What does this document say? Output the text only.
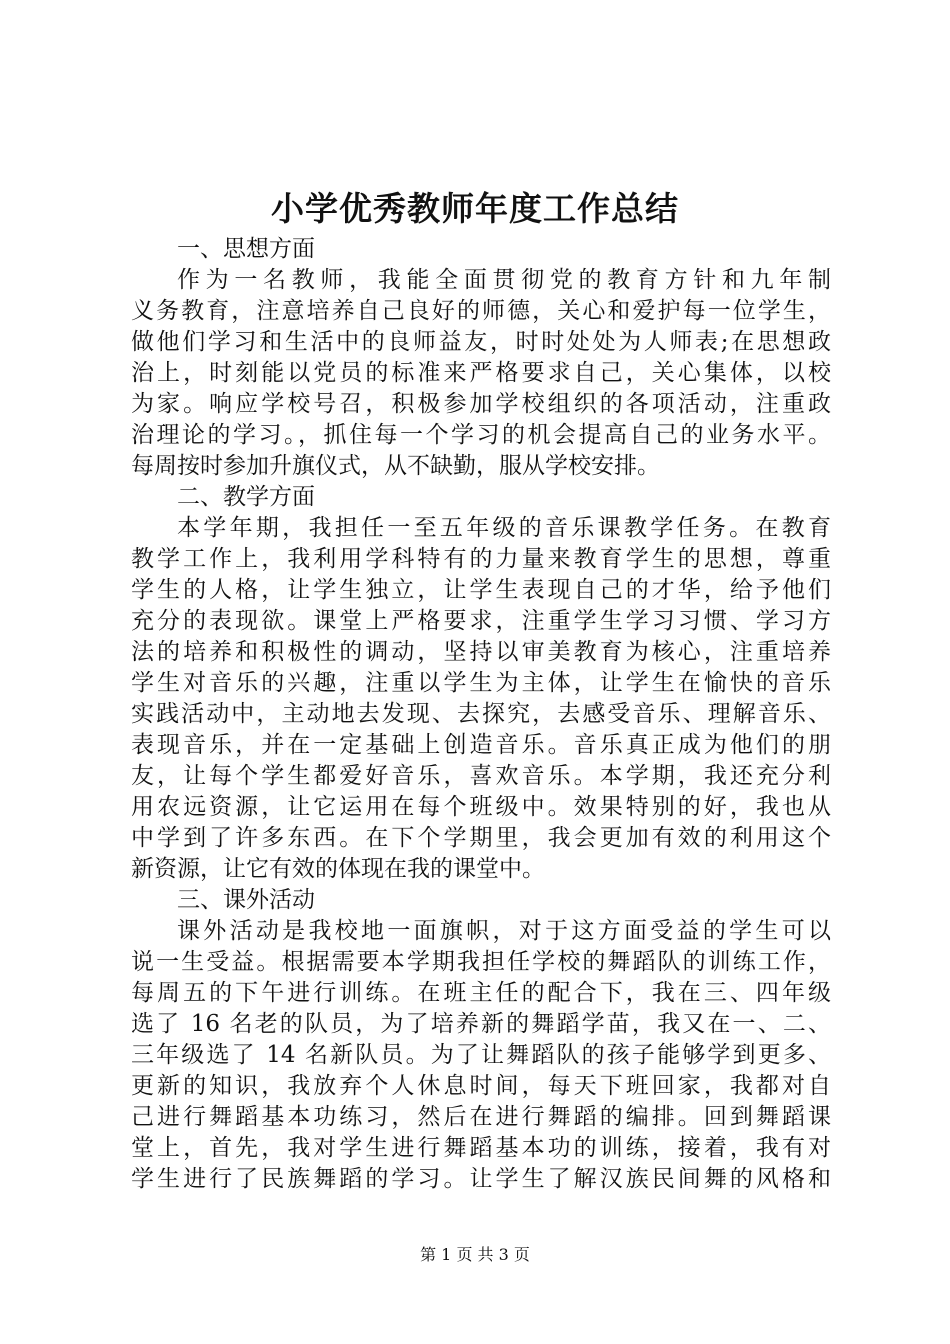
小学优秀教师年度工作总结
一、思想方面
作为一名教师，我能全面贯彻党的教育方针和九年制
义务教育，注意培养自己良好的师德，关心和爱护每一位学生，
做他们学习和生活中的良师益友，时时处处为人师表;在思想政
治上，时刻能以党员的标准来严格要求自己，关心集体，以校
为家。响应学校号召，积极参加学校组织的各项活动，注重政
治理论的学习。，抓住每一个学习的机会提高自己的业务水平。
每周按时参加升旗仪式，从不缺勤，服从学校安排。
二、教学方面
本学年期，我担任一至五年级的音乐课教学任务。在教育
教学工作上，我利用学科特有的力量来教育学生的思想，尊重
学生的人格，让学生独立，让学生表现自己的才华，给予他们
充分的表现欲。课堂上严格要求，注重学生学习习惯、学习方
法的培养和积极性的调动，坚持以审美教育为核心，注重培养
学生对音乐的兴趣，注重以学生为主体，让学生在愉快的音乐
实践活动中，主动地去发现、去探究，去感受音乐、理解音乐、
表现音乐，并在一定基础上创造音乐。音乐真正成为他们的朋
友，让每个学生都爱好音乐，喜欢音乐。本学期，我还充分利
用农远资源，让它运用在每个班级中。效果特别的好，我也从
中学到了许多东西。在下个学期里，我会更加有效的利用这个
新资源，让它有效的体现在我的课堂中。
三、课外活动
课外活动是我校地一面旗帜，对于这方面受益的学生可以
说一生受益。根据需要本学期我担任学校的舞蹈队的训练工作，
每周五的下午进行训练。在班主任的配合下，我在三、四年级
选了 16 名老的队员，为了培养新的舞蹈学苗，我又在一、二、
三年级选了 14 名新队员。为了让舞蹈队的孩子能够学到更多、
更新的知识，我放弃个人休息时间，每天下班回家，我都对自
己进行舞蹈基本功练习，然后在进行舞蹈的编排。回到舞蹈课
堂上，首先，我对学生进行舞蹈基本功的训练，接着，我有对
学生进行了民族舞蹈的学习。让学生了解汉族民间舞的风格和
第 1 页 共 3 页
